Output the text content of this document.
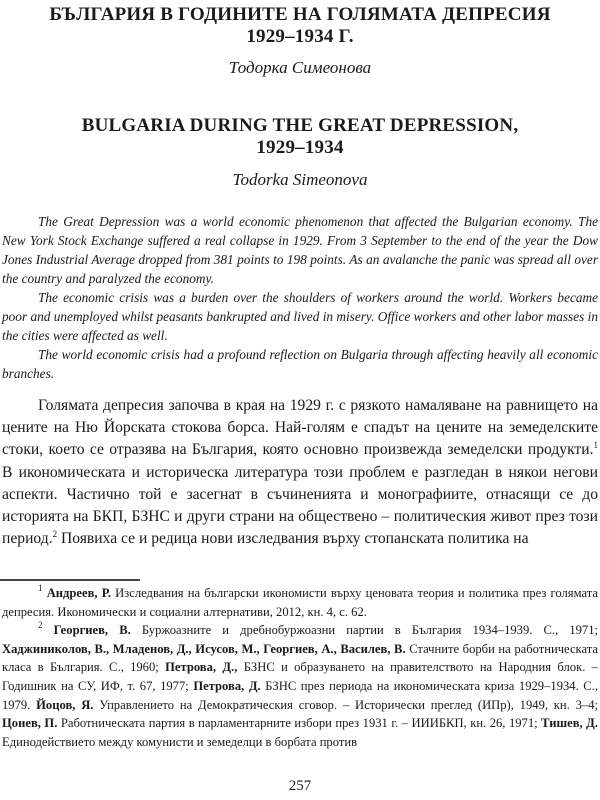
БЪЛГАРИЯ В ГОДИНИТЕ НА ГОЛЯМАТА ДЕПРЕСИЯ
1929–1934 Г.
Тодорка Симеонова
BULGARIA DURING THE GREAT DEPRESSION,
1929–1934
Todorka Simeonova

The Great Depression was a world economic phenomenon that affected the Bulgarian economy. The New York Stock Exchange suffered a real collapse in 1929. From 3 September to the end of the year the Dow Jones Industrial Average dropped from 381 points to 198 points. As an avalanche the panic was spread all over the country and paralyzed the economy.

The economic crisis was a burden over the shoulders of workers around the world. Workers became poor and unemployed whilst peasants bankrupted and lived in misery. Office workers and other labor masses in the cities were affected as well.

The world economic crisis had a profound reflection on Bulgaria through affecting heavily all economic branches.

Голямата депресия започва в края на 1929 г. с рязкото намаляване на равнището на цените на Ню Йорската стокова борса. Най-голям е спадът на цените на земеделските стоки, което се отразява на България, която основно произвежда земеделски продукти.$^1$ В икономическата и историческа литература този проблем е разгледан в някои негови аспекти. Частично той е засегнат в съчиненията и монографиите, отнасящи се до историята на БКП, БЗНС и други страни на обществено – политическия живот през този период.$^2$ Появиха се и редица нови изследвания върху стопанската политика на

$^1$ Андреев, Р. Изследвания на български икономисти върху ценовата теория и политика през голямата депресия. Икономически и социални алтернативи, 2012, кн. 4, с. 62.

$^2$ Георгиев, В. Буржоазните и дребнобуржоазни партии в България 1934–1939. С., 1971; Хаджиниколов, В., Младенов, Д., Исусов, М., Георгиев, А., Василев, В. Стачните борби на работническата класа в България. С., 1960; Петрова, Д., БЗНС и образуването на правителството на Народния блок. – Годишник на СУ, ИФ, т. 67, 1977; Петрова, Д. БЗНС през периода на икономическата криза 1929–1934. С., 1979. Йоцов, Я. Управлението на Демократическия сговор. – Исторически преглед (ИПр), 1949, кн. 3–4; Цонев, П. Работническата партия в парламентарните избори през 1931 г. – ИИИБКП, кн. 26, 1971; Тишев, Д. Единодействието между комунисти и земеделци в борбата против

257
